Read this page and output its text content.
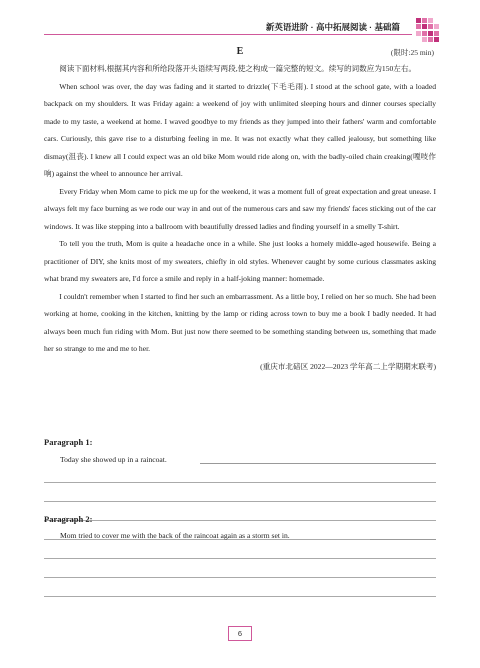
新英语进阶 · 高中拓展阅读 · 基础篇
E	(限时:25 min)

阅读下面材料,根据其内容和所给段落开头语续写两段,使之构成一篇完整的短文。续写的词数应为150左右。

When school was over, the day was fading and it started to drizzle(下毛毛雨). I stood at the school gate, with a loaded backpack on my shoulders. It was Friday again: a weekend of joy with unlimited sleeping hours and dinner courses specially made to my taste, a weekend at home. I waved goodbye to my friends as they jumped into their fathers' warm and comfortable cars. Curiously, this gave rise to a disturbing feeling in me. It was not exactly what they called jealousy, but something like dismay(沮丧). I knew all I could expect was an old bike Mom would ride along on, with the badly-oiled chain creaking(嘎吱作响) against the wheel to announce her arrival.

Every Friday when Mom came to pick me up for the weekend, it was a moment full of great expectation and great unease. I always felt my face burning as we rode our way in and out of the numerous cars and saw my friends' faces sticking out of the car windows. It was like stepping into a ballroom with beautifully dressed ladies and finding yourself in a smelly T-shirt.

To tell you the truth, Mom is quite a headache once in a while. She just looks a homely middle-aged housewife. Being a practitioner of DIY, she knits most of my sweaters, chiefly in old styles. Whenever caught by some curious classmates asking what brand my sweaters are, I'd force a smile and reply in a half-joking manner: homemade.

I couldn't remember when I started to find her such an embarrassment. As a little boy, I relied on her so much. She had been working at home, cooking in the kitchen, knitting by the lamp or riding across town to buy me a book I badly needed. It had always been much fun riding with Mom. But just now there seemed to be something standing between us, something that made her so strange to me and me to her.

(重庆市北碚区 2022—2023 学年高二上学期期末联考)
Paragraph 1:
Today she showed up in a raincoat.
Paragraph 2:
Mom tried to cover me with the back of the raincoat again as a storm set in.
6
